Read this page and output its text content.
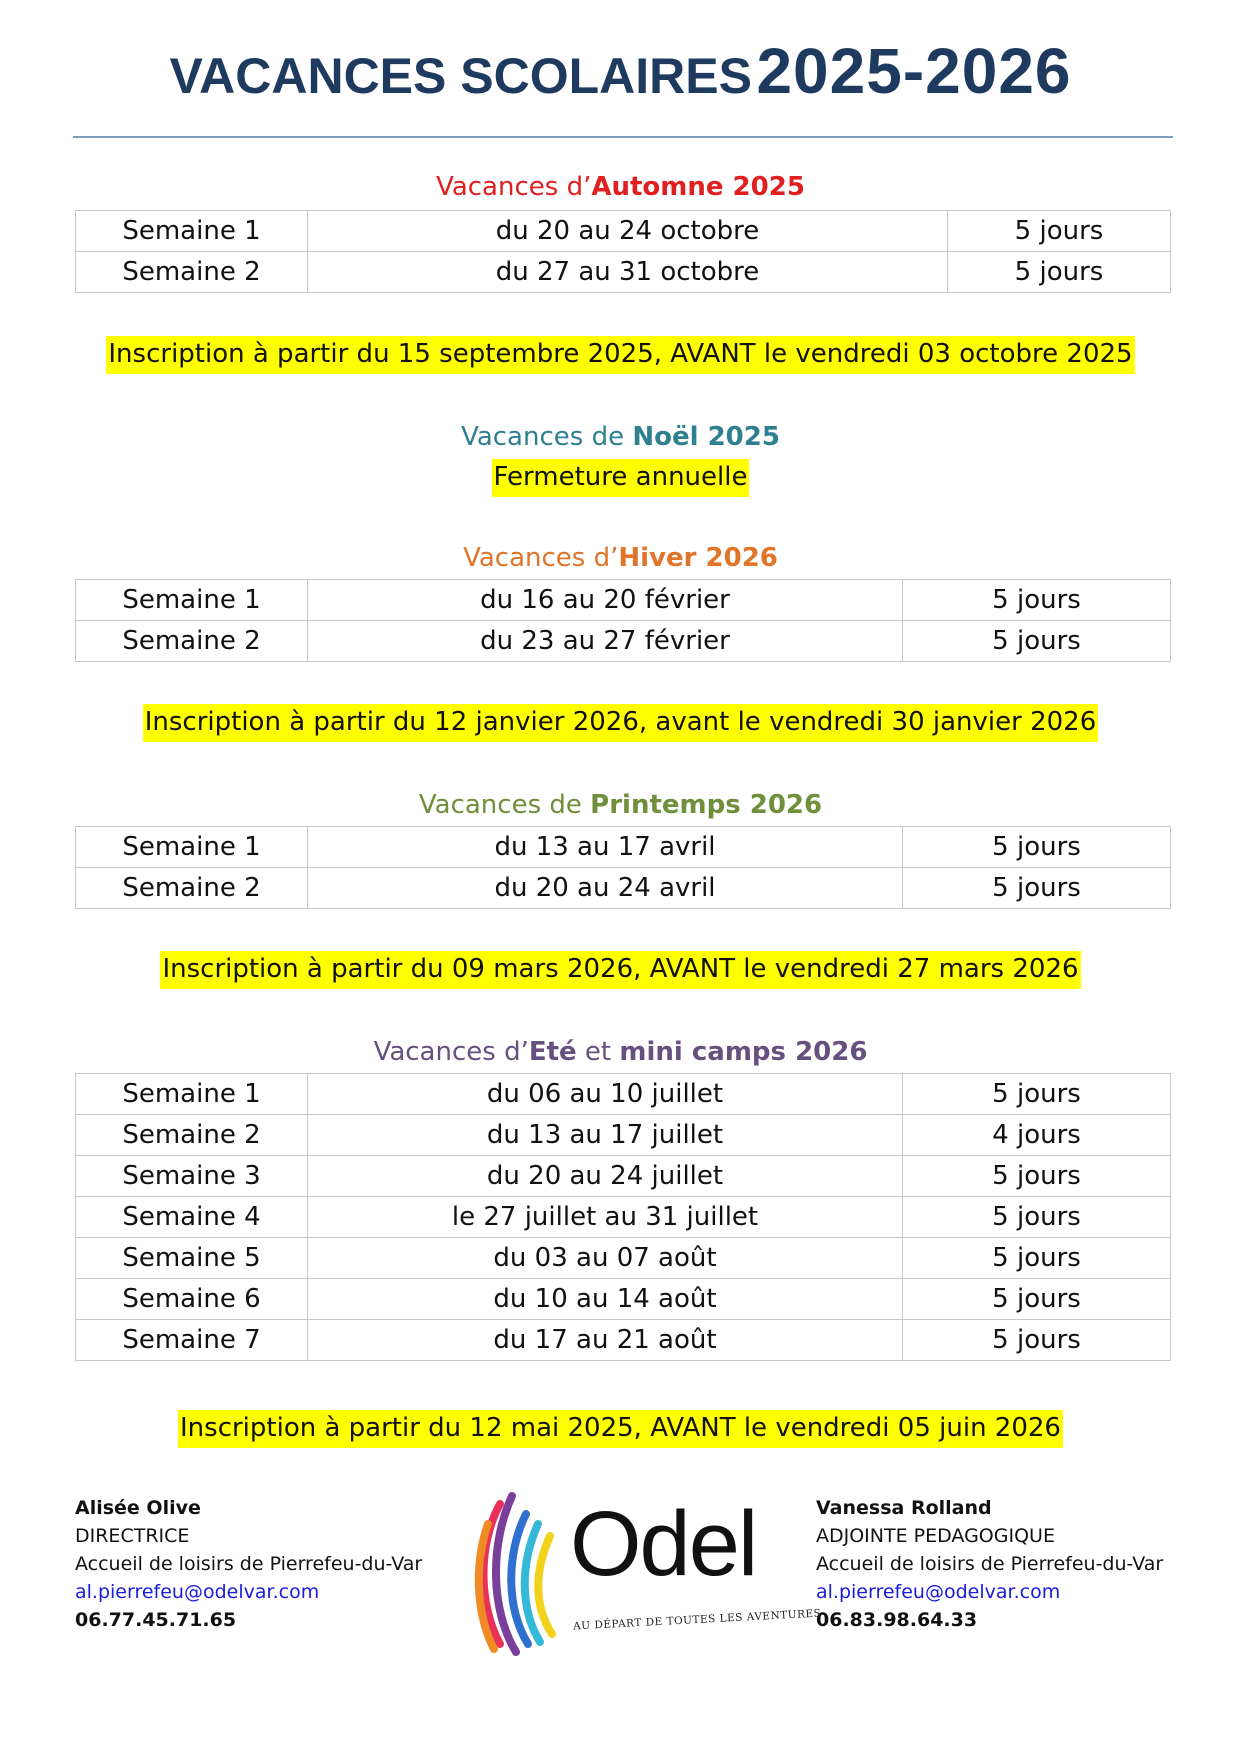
VACANCES SCOLAIRES 2025-2026
Vacances d’Automne 2025
Semaine 1	du 20 au 24 octobre	5 jours
Semaine 2	du 27 au 31 octobre	5 jours
Inscription à partir du 15 septembre 2025, AVANT le vendredi 03 octobre 2025
Vacances de Noël 2025
Fermeture annuelle
Vacances d’Hiver 2026
Semaine 1	du 16 au 20 février	5 jours
Semaine 2	du 23 au 27 février	5 jours
Inscription à partir du 12 janvier 2026, avant le vendredi 30 janvier 2026
Vacances de Printemps 2026
Semaine 1	du 13 au 17 avril	5 jours
Semaine 2	du 20 au 24 avril	5 jours
Inscription à partir du 09 mars 2026, AVANT le vendredi 27 mars 2026
Vacances d’Eté et mini camps 2026
Semaine 1	du 06 au 10 juillet	5 jours
Semaine 2	du 13 au 17 juillet	4 jours
Semaine 3	du 20 au 24 juillet	5 jours
Semaine 4	le 27 juillet au 31 juillet	5 jours
Semaine 5	du 03 au 07 août	5 jours
Semaine 6	du 10 au 14 août	5 jours
Semaine 7	du 17 au 21 août	5 jours
Inscription à partir du 12 mai 2025, AVANT le vendredi 05 juin 2026
Alisée Olive
DIRECTRICE
Accueil de loisirs de Pierrefeu-du-Var
al.pierrefeu@odelvar.com
06.77.45.71.65
Vanessa Rolland
ADJOINTE PEDAGOGIQUE
Accueil de loisirs de Pierrefeu-du-Var
al.pierrefeu@odelvar.com
06.83.98.64.33
Odel
AU DÉPART DE TOUTES LES AVENTURES
